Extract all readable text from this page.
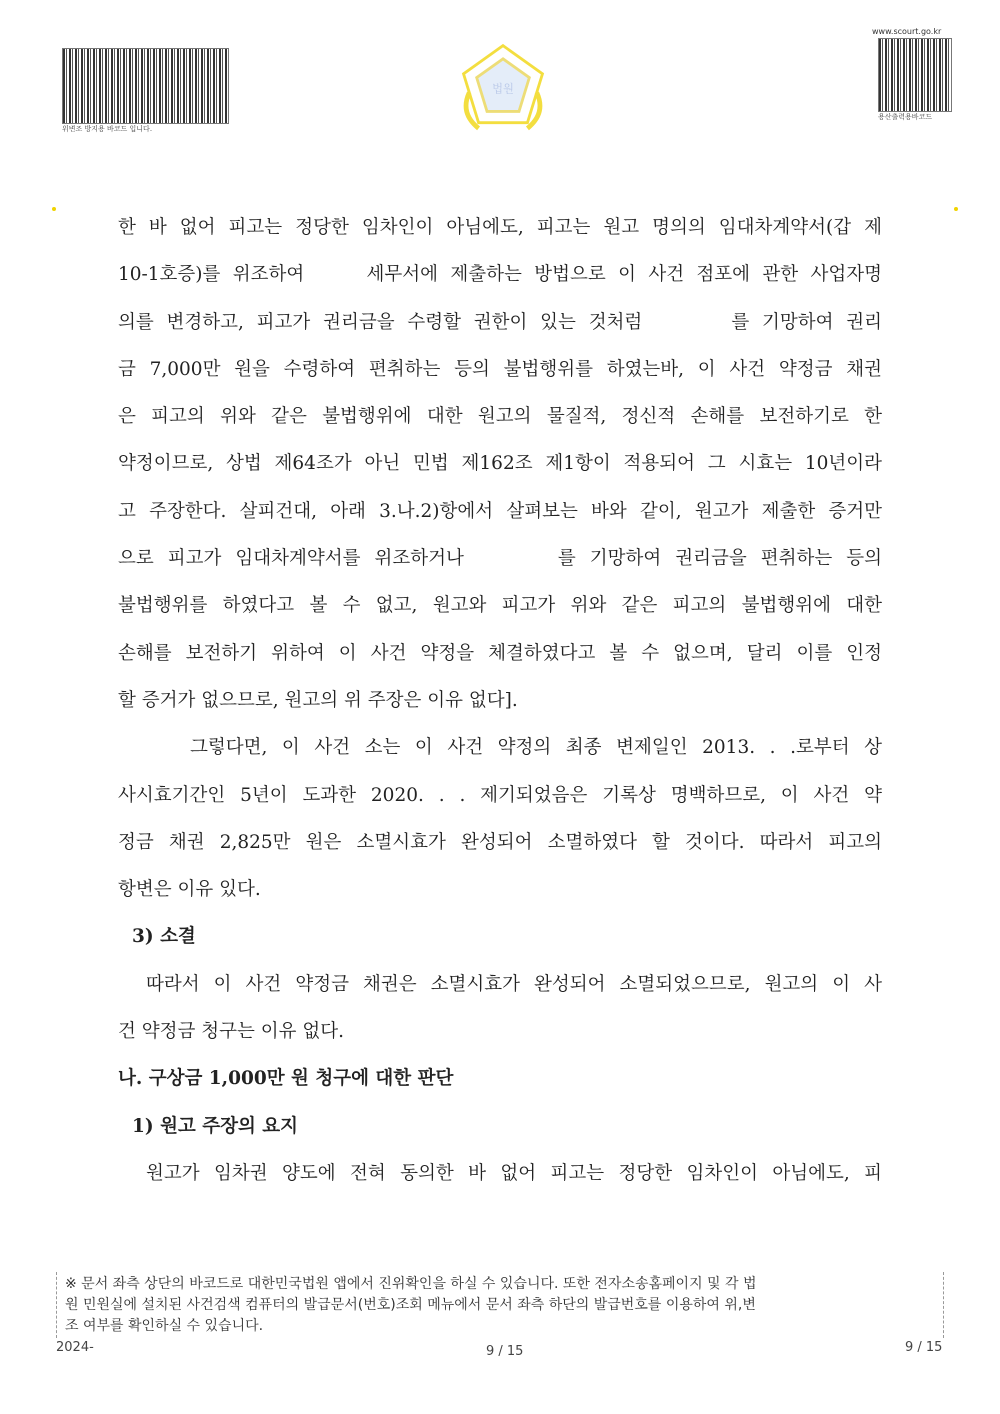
위변조 방지용 바코드 입니다.
법원
www.scourt.go.kr
용산출력용바코드
한 바 없어 피고는 정당한 임차인이 아님에도, 피고는 원고 명의의 임대차계약서(갑 제
10-1호증)를 위조하여 　　세무서에 제출하는 방법으로 이 사건 점포에 관한 사업자명
의를 변경하고, 피고가 권리금을 수령할 권한이 있는 것처럼 　　　를 기망하여 권리
금 7,000만 원을 수령하여 편취하는 등의 불법행위를 하였는바, 이 사건 약정금 채권
은 피고의 위와 같은 불법행위에 대한 원고의 물질적, 정신적 손해를 보전하기로 한
약정이므로, 상법 제64조가 아닌 민법 제162조 제1항이 적용되어 그 시효는 10년이라
고 주장한다. 살피건대, 아래 3.나.2)항에서 살펴보는 바와 같이, 원고가 제출한 증거만
으로 피고가 임대차계약서를 위조하거나 　　　를 기망하여 권리금을 편취하는 등의
불법행위를 하였다고 볼 수 없고, 원고와 피고가 위와 같은 피고의 불법행위에 대한
손해를 보전하기 위하여 이 사건 약정을 체결하였다고 볼 수 없으며, 달리 이를 인정
할 증거가 없으므로, 원고의 위 주장은 이유 없다].
그렇다면, 이 사건 소는 이 사건 약정의 최종 변제일인 2013. . .로부터 상
사시효기간인 5년이 도과한 2020. . . 제기되었음은 기록상 명백하므로, 이 사건 약
정금 채권 2,825만 원은 소멸시효가 완성되어 소멸하였다 할 것이다. 따라서 피고의
항변은 이유 있다.
3) 소결
따라서 이 사건 약정금 채권은 소멸시효가 완성되어 소멸되었으므로, 원고의 이 사
건 약정금 청구는 이유 없다.
나. 구상금 1,000만 원 청구에 대한 판단
1) 원고 주장의 요지
원고가 임차권 양도에 전혀 동의한 바 없어 피고는 정당한 임차인이 아님에도, 피
※ 문서 좌측 상단의 바코드로 대한민국법원 앱에서 진위확인을 하실 수 있습니다. 또한 전자소송홈페이지 및 각 법
원 민원실에 설치된 사건검색 컴퓨터의 발급문서(번호)조회 메뉴에서 문서 좌측 하단의 발급번호를 이용하여 위,변
조 여부를 확인하실 수 있습니다.
2024-	9 / 15	9 / 15
